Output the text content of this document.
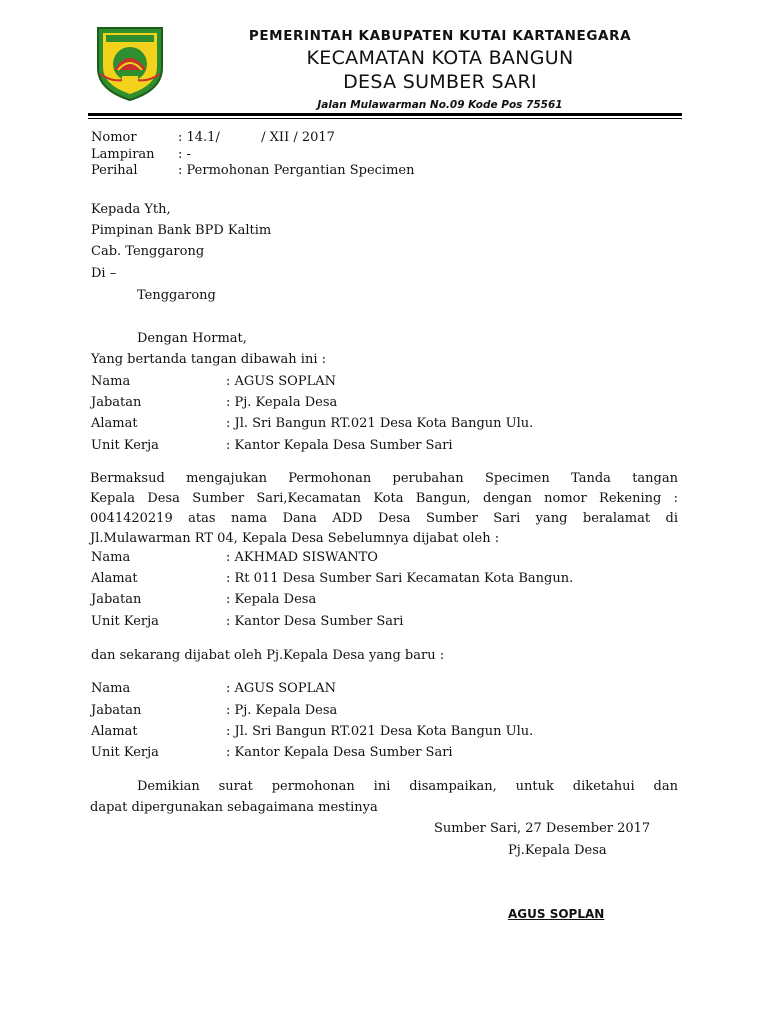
PEMERINTAH KABUPATEN KUTAI KARTANEGARA
KECAMATAN KOTA BANGUN
DESA SUMBER SARI
Jalan Mulawarman No.09 Kode Pos 75561
Nomor	: 14.1/          / XII / 2017
Lampiran : -
Perihal	: Permohonan Pergantian Specimen
Kepada Yth,
Pimpinan Bank BPD Kaltim
Cab. Tenggarong
Di –
Tenggarong
Dengan Hormat,
Yang bertanda tangan dibawah ini :
Nama	: AGUS SOPLAN
Jabatan	: Pj. Kepala Desa
Alamat	: Jl. Sri Bangun RT.021 Desa Kota Bangun Ulu.
Unit Kerja	: Kantor Kepala Desa Sumber Sari
Bermaksud mengajukan Permohonan perubahan Specimen Tanda tangan
Kepala Desa Sumber Sari,Kecamatan Kota Bangun, dengan nomor Rekening :
0041420219 atas nama Dana ADD Desa Sumber Sari yang beralamat di
Jl.Mulawarman RT 04, Kepala Desa Sebelumnya dijabat oleh :
Nama	: AKHMAD SISWANTO
Alamat	: Rt 011 Desa Sumber Sari Kecamatan Kota Bangun.
Jabatan	: Kepala Desa
Unit Kerja	: Kantor Desa Sumber Sari
dan sekarang dijabat oleh Pj.Kepala Desa yang baru :
Nama	: AGUS SOPLAN
Jabatan	: Pj. Kepala Desa
Alamat	: Jl. Sri Bangun RT.021 Desa Kota Bangun Ulu.
Unit Kerja	: Kantor Kepala Desa Sumber Sari
Demikian surat permohonan ini disampaikan, untuk diketahui dan
dapat dipergunakan sebagaimana mestinya
Sumber Sari, 27 Desember 2017
Pj.Kepala Desa
AGUS SOPLAN
